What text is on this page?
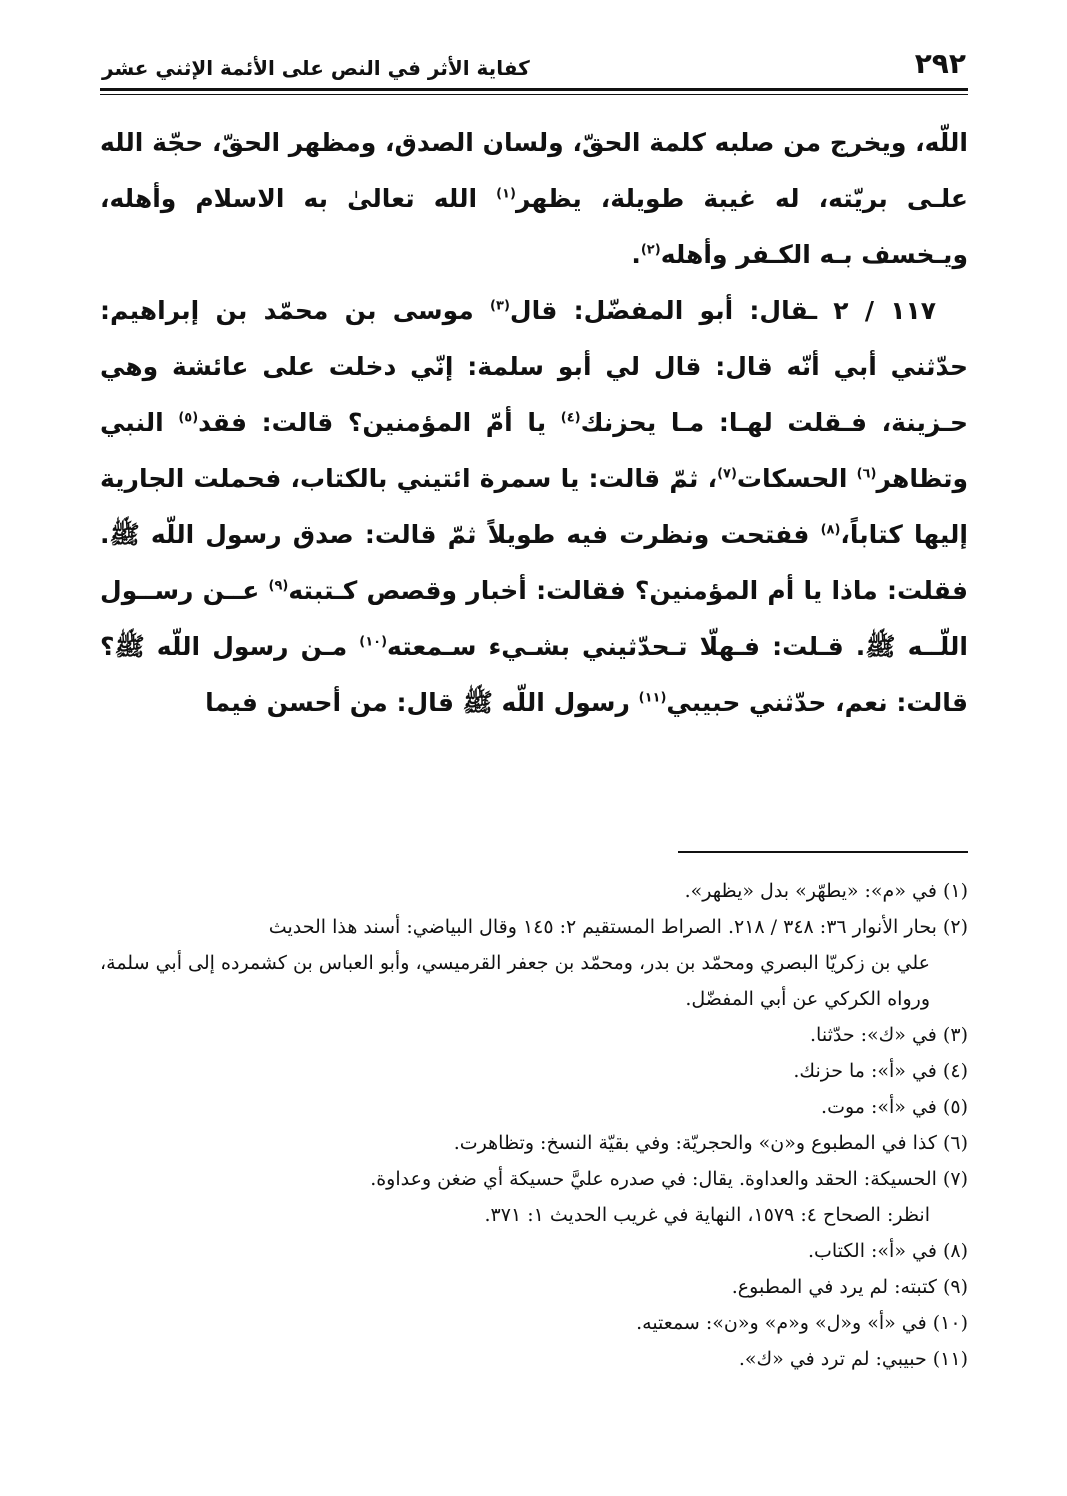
٢٩٢
كفاية الأثر في النص على الأئمة الإثني عشر

اللّه، ويخرج من صلبه كلمة الحقّ، ولسان الصدق، ومظهر الحقّ، حجّة الله علـى بريّته، له غيبة طويلة، يظهر$^{(١)}$ الله تعالىٰ به الاسلام وأهله، ويـخسف بـه الكـفر وأهله$^{(٢)}$.

١١٧ / ٢ ـقال: أبو المفضّل: قال$^{(٣)}$ موسى بن محمّد بن إبراهيم: حدّثني أبي أنّه قال: قال لي أبو سلمة: إنّي دخلت على عائشة وهي حـزينة، فـقلت لهـا: مـا يحزنك$^{(٤)}$ يا أمّ المؤمنين؟ قالت: فقد$^{(٥)}$ النبي وتظاهر$^{(٦)}$ الحسكات$^{(٧)}$، ثمّ قالت: يا سمرة ائتيني بالكتاب، فحملت الجارية إليها كتاباً،$^{(٨)}$ ففتحت ونظرت فيه طويلاً ثمّ قالت: صدق رسول اللّه ﷺ. فقلت: ماذا يا أم المؤمنين؟ فقالت: أخبار وقصص كـتبته$^{(٩)}$ عــن رســول اللّــه ﷺ. قـلت: فـهلّا تـحدّثيني بشـيء سـمعته$^{(١٠)}$ مـن رسول اللّه ﷺ؟ قالت: نعم، حدّثني حبيبي$^{(١١)}$ رسول اللّه ﷺ قال: من أحسن فيما

(١) في «م»: «يطهّر» بدل «يظهر».
(٢) بحار الأنوار ٣٦: ٣٤٨ / ٢١٨. الصراط المستقيم ٢: ١٤٥ وقال البياضي: أسند هذا الحديث
علي بن زكريّا البصري ومحمّد بن بدر، ومحمّد بن جعفر القرميسي، وأبو العباس بن كشمرده إلى أبي سلمة، ورواه الكركي عن أبي المفضّل.
(٣) في «ك»: حدّثنا.
(٤) في «أ»: ما حزنك.
(٥) في «أ»: موت.
(٦) كذا في المطبوع و«ن» والحجريّة: وفي بقيّة النسخ: وتظاهرت.
(٧) الحسيكة: الحقد والعداوة. يقال: في صدره عليَّ حسيكة أي ضغن وعداوة.
انظر: الصحاح ٤: ١٥٧٩، النهاية في غريب الحديث ١: ٣٧١.
(٨) في «أ»: الكتاب.
(٩) كتبته: لم يرد في المطبوع.
(١٠) في «أ» و«ل» و«م» و«ن»: سمعتيه.
(١١) حبيبي: لم ترد في «ك».
